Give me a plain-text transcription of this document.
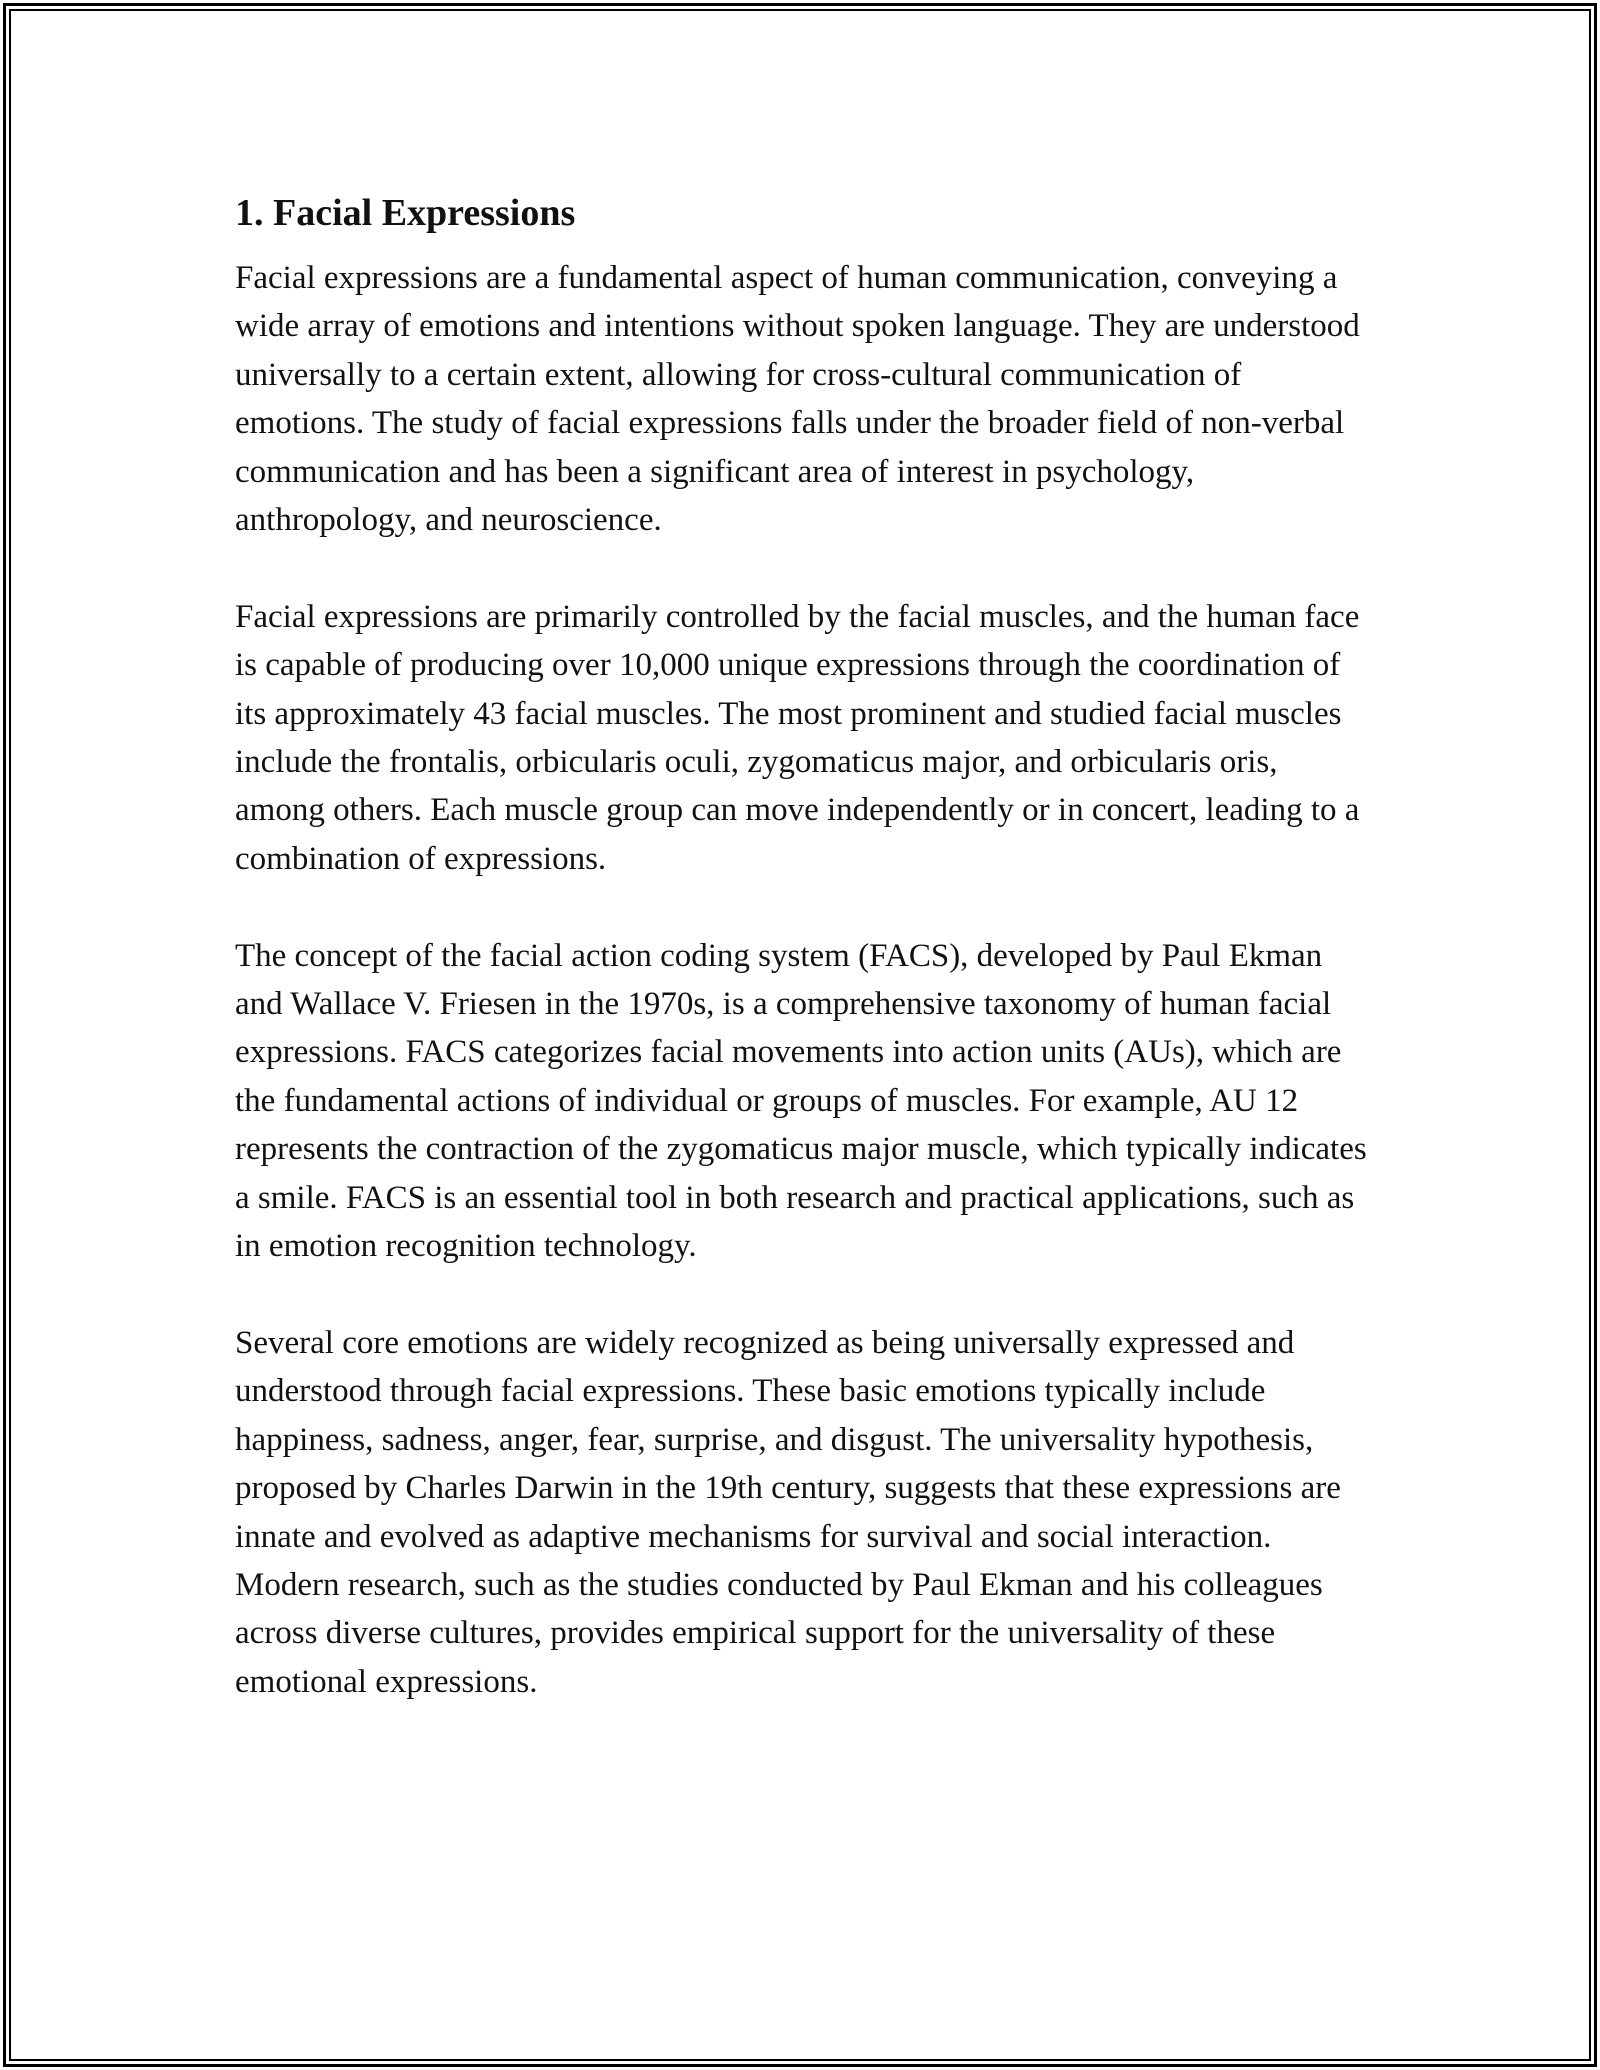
1. Facial Expressions

Facial expressions are a fundamental aspect of human communication, conveying a wide array of emotions and intentions without spoken language. They are understood universally to a certain extent, allowing for cross-cultural communication of emotions. The study of facial expressions falls under the broader field of non-verbal communication and has been a significant area of interest in psychology, anthropology, and neuroscience.

Facial expressions are primarily controlled by the facial muscles, and the human face is capable of producing over 10,000 unique expressions through the coordination of its approximately 43 facial muscles. The most prominent and studied facial muscles include the frontalis, orbicularis oculi, zygomaticus major, and orbicularis oris, among others. Each muscle group can move independently or in concert, leading to a combination of expressions.

The concept of the facial action coding system (FACS), developed by Paul Ekman and Wallace V. Friesen in the 1970s, is a comprehensive taxonomy of human facial expressions. FACS categorizes facial movements into action units (AUs), which are the fundamental actions of individual or groups of muscles. For example, AU 12 represents the contraction of the zygomaticus major muscle, which typically indicates a smile. FACS is an essential tool in both research and practical applications, such as in emotion recognition technology.

Several core emotions are widely recognized as being universally expressed and understood through facial expressions. These basic emotions typically include happiness, sadness, anger, fear, surprise, and disgust. The universality hypothesis, proposed by Charles Darwin in the 19th century, suggests that these expressions are innate and evolved as adaptive mechanisms for survival and social interaction. Modern research, such as the studies conducted by Paul Ekman and his colleagues across diverse cultures, provides empirical support for the universality of these emotional expressions.
